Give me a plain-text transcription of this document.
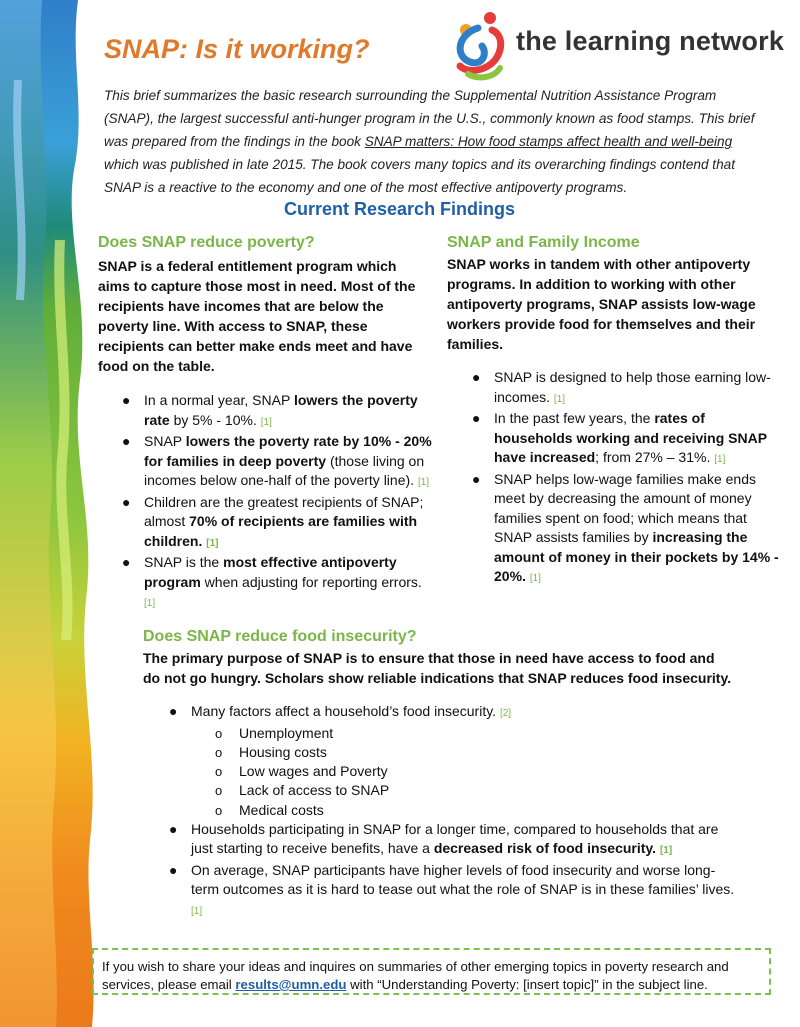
SNAP: Is it working?	the learning network

This brief summarizes the basic research surrounding the Supplemental Nutrition Assistance Program (SNAP), the largest successful anti-hunger program in the U.S., commonly known as food stamps. This brief was prepared from the findings in the book SNAP matters: How food stamps affect health and well-being which was published in late 2015. The book covers many topics and its overarching findings contend that SNAP is a reactive to the economy and one of the most effective antipoverty programs.

Current Research Findings
Does SNAP reduce poverty?

SNAP is a federal entitlement program which aims to capture those most in need. Most of the recipients have incomes that are below the poverty line. With access to SNAP, these recipients can better make ends meet and have food on the table.

● In a normal year, SNAP lowers the poverty rate by 5% - 10%. [1]
● SNAP lowers the poverty rate by 10% - 20% for families in deep poverty (those living on incomes below one-half of the poverty line). [1]
● Children are the greatest recipients of SNAP; almost 70% of recipients are families with children. [1]
● SNAP is the most effective antipoverty program when adjusting for reporting errors. [1]
SNAP and Family Income

SNAP works in tandem with other antipoverty programs. In addition to working with other antipoverty programs, SNAP assists low-wage workers provide food for themselves and their families.

● SNAP is designed to help those earning low-incomes. [1]
● In the past few years, the rates of households working and receiving SNAP have increased; from 27% – 31%. [1]
● SNAP helps low-wage families make ends meet by decreasing the amount of money families spent on food; which means that SNAP assists families by increasing the amount of money in their pockets by 14% - 20%. [1]
Does SNAP reduce food insecurity?

The primary purpose of SNAP is to ensure that those in need have access to food and do not go hungry. Scholars show reliable indications that SNAP reduces food insecurity.

● Many factors affect a household’s food insecurity. [2]
o Unemployment
o Housing costs
o Low wages and Poverty
o Lack of access to SNAP
o Medical costs
● Households participating in SNAP for a longer time, compared to households that are just starting to receive benefits, have a decreased risk of food insecurity. [1]
● On average, SNAP participants have higher levels of food insecurity and worse long-term outcomes as it is hard to tease out what the role of SNAP is in these families’ lives. [1]

If you wish to share your ideas and inquires on summaries of other emerging topics in poverty research and services, please email results@umn.edu with “Understanding Poverty: [insert topic]” in the subject line.
